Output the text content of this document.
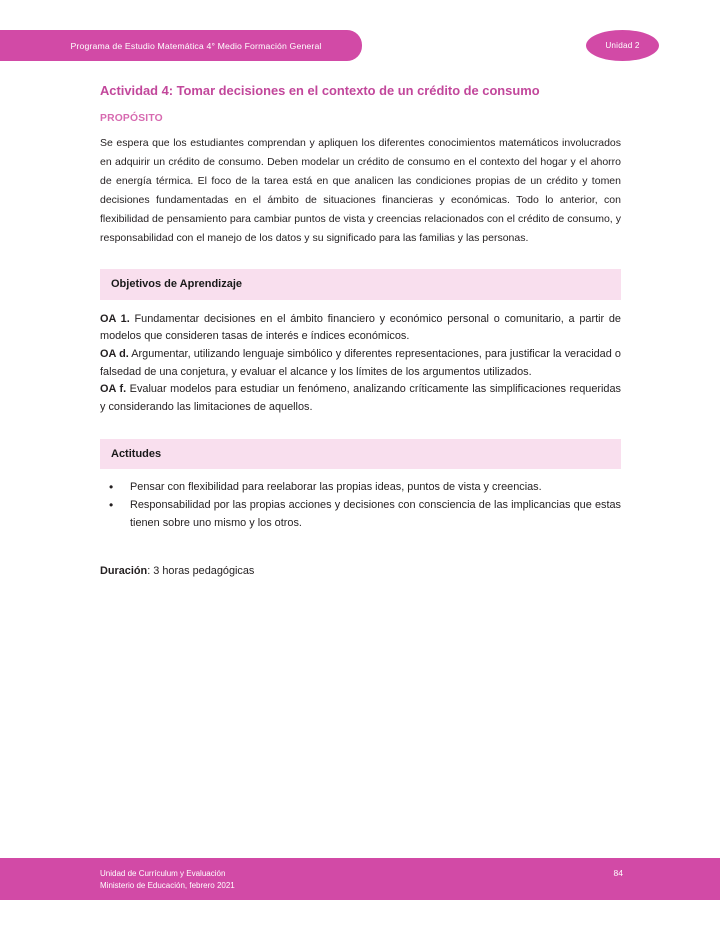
Programa de Estudio Matemática 4° Medio Formación General	Unidad 2
Actividad 4: Tomar decisiones en el contexto de un crédito de consumo
PROPÓSITO

Se espera que los estudiantes comprendan y apliquen los diferentes conocimientos matemáticos involucrados en adquirir un crédito de consumo. Deben modelar un crédito de consumo en el contexto del hogar y el ahorro de energía térmica. El foco de la tarea está en que analicen las condiciones propias de un crédito y tomen decisiones fundamentadas en el ámbito de situaciones financieras y económicas. Todo lo anterior, con flexibilidad de pensamiento para cambiar puntos de vista y creencias relacionados con el crédito de consumo, y responsabilidad con el manejo de los datos y su significado para las familias y las personas.

Objetivos de Aprendizaje

OA 1. Fundamentar decisiones en el ámbito financiero y económico personal o comunitario, a partir de modelos que consideren tasas de interés e índices económicos.

OA d. Argumentar, utilizando lenguaje simbólico y diferentes representaciones, para justificar la veracidad o falsedad de una conjetura, y evaluar el alcance y los límites de los argumentos utilizados.

OA f. Evaluar modelos para estudiar un fenómeno, analizando críticamente las simplificaciones requeridas y considerando las limitaciones de aquellos.

Actitudes
• Pensar con flexibilidad para reelaborar las propias ideas, puntos de vista y creencias.
• Responsabilidad por las propias acciones y decisiones con consciencia de las implicancias que estas tienen sobre uno mismo y los otros.
Duración: 3 horas pedagógicas
Unidad de Currículum y Evaluación
Ministerio de Educación, febrero 2021
84
